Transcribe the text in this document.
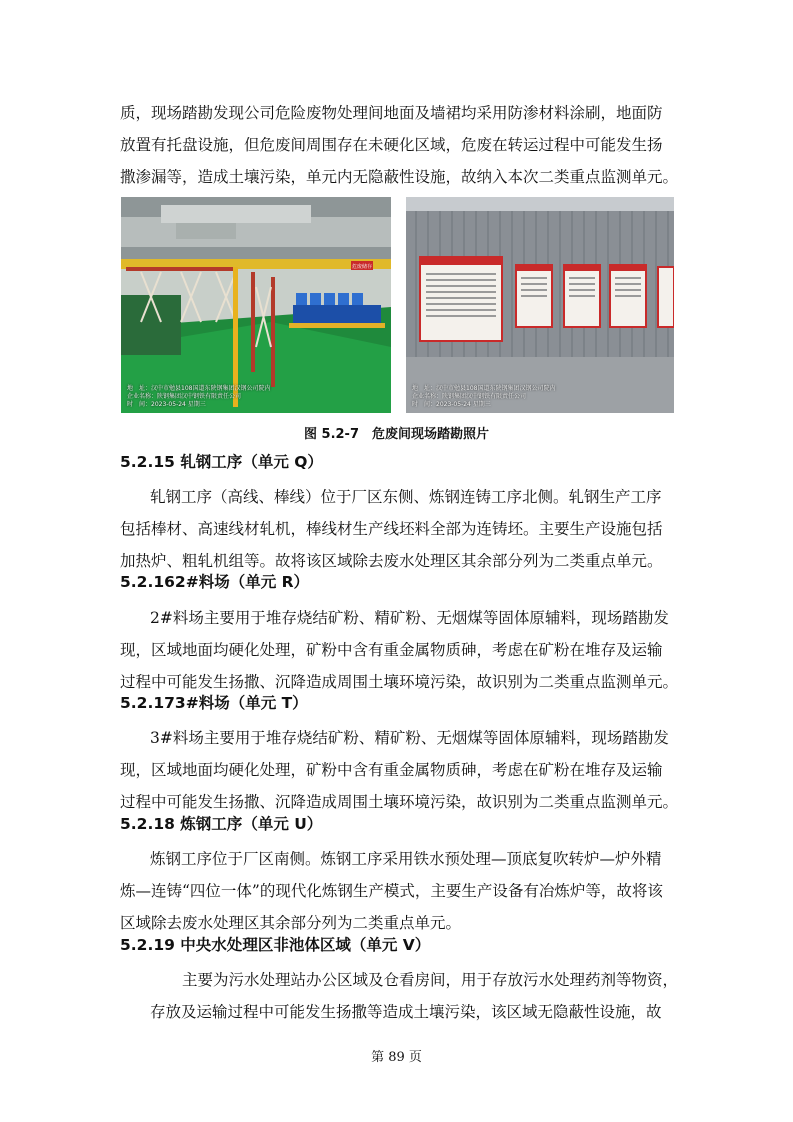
质，现场踏勘发现公司危险废物处理间地面及墙裙均采用防渗材料涂刷，地面防

放置有托盘设施，但危废间周围存在未硬化区域，危废在转运过程中可能发生扬

撒渗漏等，造成土壤污染，单元内无隐蔽性设施，故纳入本次二类重点监测单元。

危废储存
地　址：汉中市勉县108国道东陕钢集团汉钢公司院内
企业名称：陕钢集团汉中钢铁有限责任公司
时　间：2023-05-24 星期三
地　址：汉中市勉县108国道东陕钢集团汉钢公司院内
企业名称：陕钢集团汉中钢铁有限责任公司
时　间：2023-05-24 星期三
图 5.2-7　危废间现场踏勘照片
5.2.15 轧钢工序（单元 Q）

轧钢工序（高线、棒线）位于厂区东侧、炼钢连铸工序北侧。轧钢生产工序

包括棒材、高速线材轧机，棒线材生产线坯料全部为连铸坯。主要生产设施包括

加热炉、粗轧机组等。故将该区域除去废水处理区其余部分列为二类重点单元。

5.2.162#料场（单元 R）

2#料场主要用于堆存烧结矿粉、精矿粉、无烟煤等固体原辅料，现场踏勘发

现，区域地面均硬化处理，矿粉中含有重金属物质砷，考虑在矿粉在堆存及运输

过程中可能发生扬撒、沉降造成周围土壤环境污染，故识别为二类重点监测单元。

5.2.173#料场（单元 T）

3#料场主要用于堆存烧结矿粉、精矿粉、无烟煤等固体原辅料，现场踏勘发

现，区域地面均硬化处理，矿粉中含有重金属物质砷，考虑在矿粉在堆存及运输

过程中可能发生扬撒、沉降造成周围土壤环境污染，故识别为二类重点监测单元。

5.2.18 炼钢工序（单元 U）

炼钢工序位于厂区南侧。炼钢工序采用铁水预处理—顶底复吹转炉—炉外精

炼—连铸“四位一体”的现代化炼钢生产模式，主要生产设备有冶炼炉等，故将该

区域除去废水处理区其余部分列为二类重点单元。

5.2.19 中央水处理区非池体区域（单元 V）

主要为污水处理站办公区域及仓看房间，用于存放污水处理药剂等物资，

存放及运输过程中可能发生扬撒等造成土壤污染，该区域无隐蔽性设施，故

第 89 页
